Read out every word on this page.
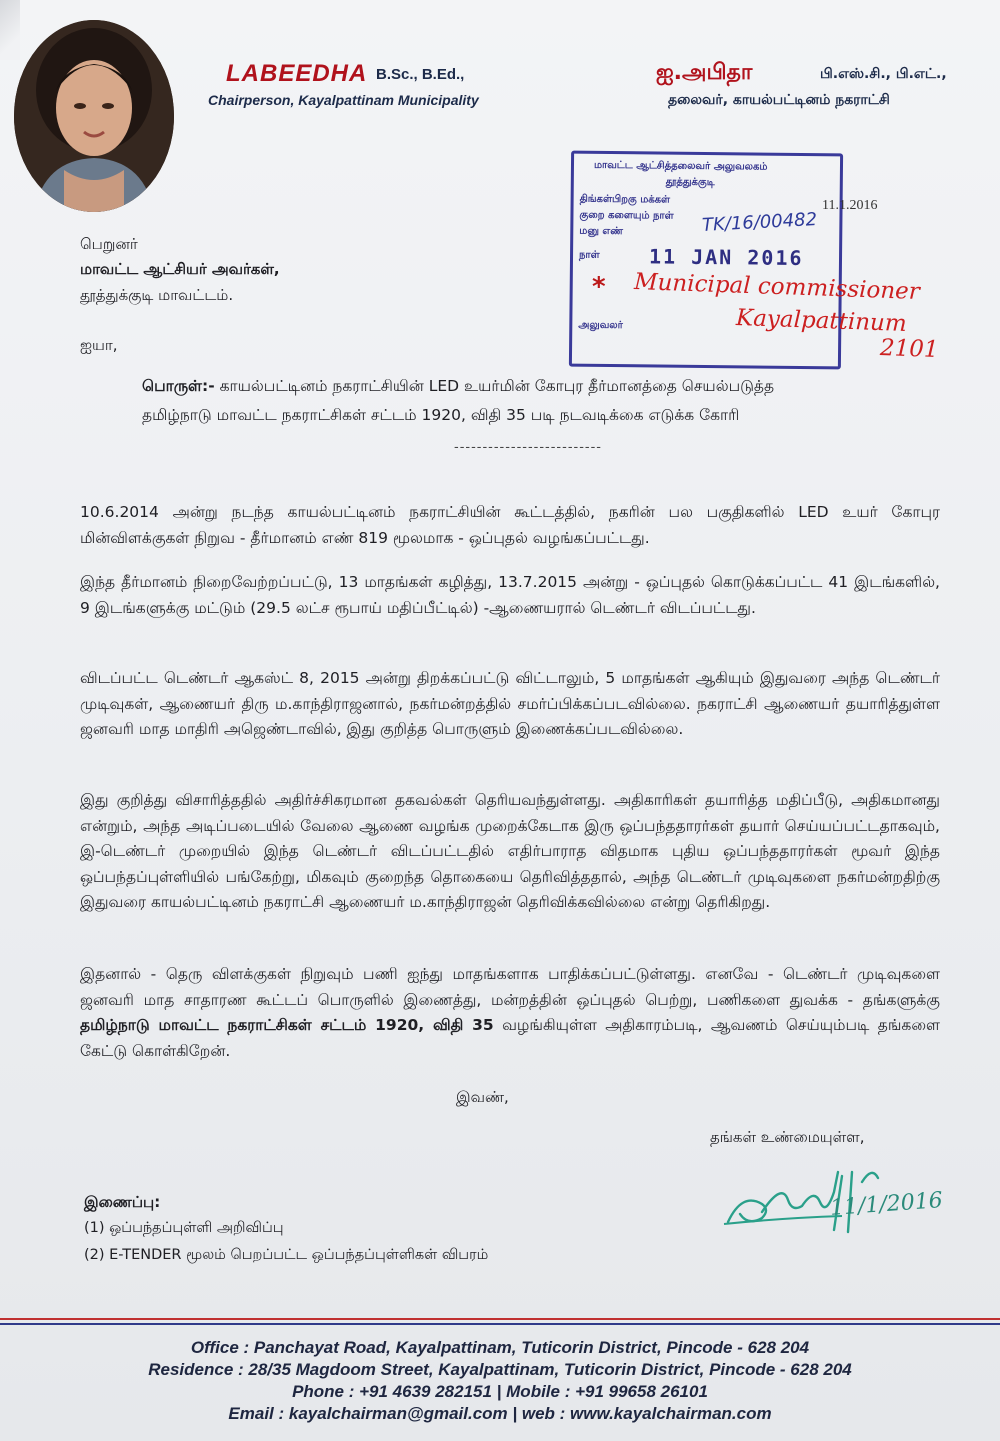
LABEEDHA B.Sc., B.Ed.,
Chairperson, Kayalpattinam Municipality
ஐ.அபிதா	பி.எஸ்.சி., பி.எட்.,
தலைவர், காயல்பட்டினம் நகராட்சி
மாவட்ட ஆட்சித்தலைவர் அலுவலகம்
தூத்துக்குடி
திங்கள்பிறகு மக்கள்
குறை களையும் நாள்
மனு எண்
நாள் 11 JAN 2016
அலுவலர்
*
11.1.2016
TK/16/00482
Municipal commissioner
Kayalpattinum
2101
பெறுனர்
மாவட்ட ஆட்சியர் அவர்கள்,
தூத்துக்குடி மாவட்டம்.
ஐயா,
பொருள்:- காயல்பட்டினம் நகராட்சியின் LED உயர்மின் கோபுர தீர்மானத்தை செயல்படுத்த
தமிழ்நாடு மாவட்ட நகராட்சிகள் சட்டம் 1920, விதி 35 படி நடவடிக்கை எடுக்க கோரி
--------------------------
10.6.2014 அன்று நடந்த காயல்பட்டினம் நகராட்சியின் கூட்டத்தில், நகரின் பல பகுதிகளில் LED உயர் கோபுர மின்விளக்குகள் நிறுவ - தீர்மானம் எண் 819 மூலமாக - ஒப்புதல் வழங்கப்பட்டது.
இந்த தீர்மானம் நிறைவேற்றப்பட்டு, 13 மாதங்கள் கழித்து, 13.7.2015 அன்று - ஒப்புதல் கொடுக்கப்பட்ட 41 இடங்களில், 9 இடங்களுக்கு மட்டும் (29.5 லட்ச ரூபாய் மதிப்பீட்டில்) -ஆணையரால் டெண்டர் விடப்பட்டது.
விடப்பட்ட டெண்டர் ஆகஸ்ட் 8, 2015 அன்று திறக்கப்பட்டு விட்டாலும், 5 மாதங்கள் ஆகியும் இதுவரை அந்த டெண்டர் முடிவுகள், ஆணையர் திரு ம.காந்திராஜனால், நகர்மன்றத்தில் சமர்ப்பிக்கப்படவில்லை. நகராட்சி ஆணையர் தயாரித்துள்ள ஜனவரி மாத மாதிரி அஜெண்டாவில், இது குறித்த பொருளும் இணைக்கப்படவில்லை.
இது குறித்து விசாரித்ததில் அதிர்ச்சிகரமான தகவல்கள் தெரியவந்துள்ளது. அதிகாரிகள் தயாரித்த மதிப்பீடு, அதிகமானது என்றும், அந்த அடிப்படையில் வேலை ஆணை வழங்க முறைக்கேடாக இரு ஒப்பந்ததாரர்கள் தயார் செய்யப்பட்டதாகவும், இ-டெண்டர் முறையில் இந்த டெண்டர் விடப்பட்டதில் எதிர்பாராத விதமாக புதிய ஒப்பந்ததாரர்கள் மூவர் இந்த ஒப்பந்தப்புள்ளியில் பங்கேற்று, மிகவும் குறைந்த தொகையை தெரிவித்ததால், அந்த டெண்டர் முடிவுகளை நகர்மன்றதிற்கு இதுவரை காயல்பட்டினம் நகராட்சி ஆணையர் ம.காந்திராஜன் தெரிவிக்கவில்லை என்று தெரிகிறது.
இதனால் - தெரு விளக்குகள் நிறுவும் பணி ஐந்து மாதங்களாக பாதிக்கப்பட்டுள்ளது. எனவே - டெண்டர் முடிவுகளை ஜனவரி மாத சாதாரண கூட்டப் பொருளில் இணைத்து, மன்றத்தின் ஒப்புதல் பெற்று, பணிகளை துவக்க - தங்களுக்கு தமிழ்நாடு மாவட்ட நகராட்சிகள் சட்டம் 1920, விதி 35 வழங்கியுள்ள அதிகாரம்படி, ஆவணம் செய்யும்படி தங்களை கேட்டு கொள்கிறேன்.
இவண்,
தங்கள் உண்மையுள்ள,
11/1/2016
இணைப்பு:
(1) ஒப்பந்தப்புள்ளி அறிவிப்பு
(2) E-TENDER மூலம் பெறப்பட்ட ஒப்பந்தப்புள்ளிகள் விபரம்
Office : Panchayat Road, Kayalpattinam, Tuticorin District, Pincode - 628 204
Residence : 28/35 Magdoom Street, Kayalpattinam, Tuticorin District, Pincode - 628 204
Phone : +91 4639 282151 | Mobile : +91 99658 26101
Email : kayalchairman@gmail.com | web : www.kayalchairman.com
